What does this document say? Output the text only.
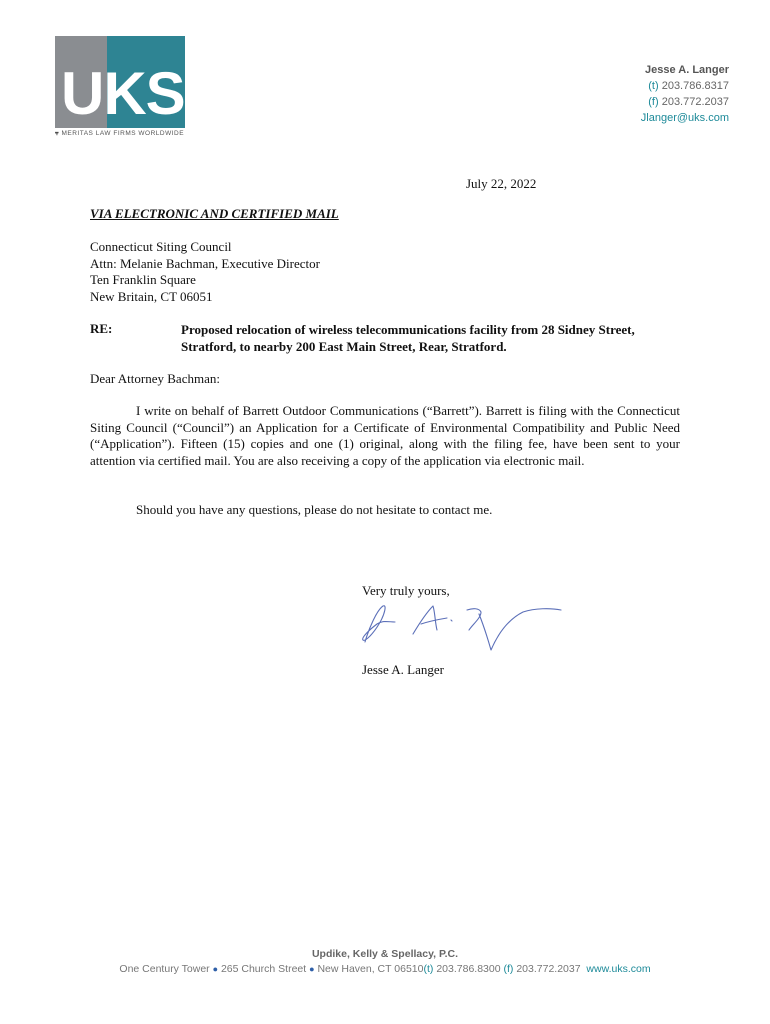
UKS
⫧ MERITAS LAW FIRMS WORLDWIDE
Jesse A. Langer
(t) 203.786.8317
(f) 203.772.2037
Jlanger@uks.com
July 22, 2022
VIA ELECTRONIC AND CERTIFIED MAIL
Connecticut Siting Council
Attn: Melanie Bachman, Executive Director
Ten Franklin Square
New Britain, CT 06051
RE:	Proposed relocation of wireless telecommunications facility from 28 Sidney Street, Stratford, to nearby 200 East Main Street, Rear, Stratford.
Dear Attorney Bachman:

I write on behalf of Barrett Outdoor Communications (“Barrett”). Barrett is filing with the Connecticut Siting Council (“Council”) an Application for a Certificate of Environmental Compatibility and Public Need (“Application”). Fifteen (15) copies and one (1) original, along with the filing fee, have been sent to your attention via certified mail. You are also receiving a copy of the application via electronic mail.

Should you have any questions, please do not hesitate to contact me.
Very truly yours,
Jesse A. Langer
Updike, Kelly & Spellacy, P.C.
One Century Tower ● 265 Church Street ● New Haven, CT 06510(t) 203.786.8300 (f) 203.772.2037 www.uks.com
